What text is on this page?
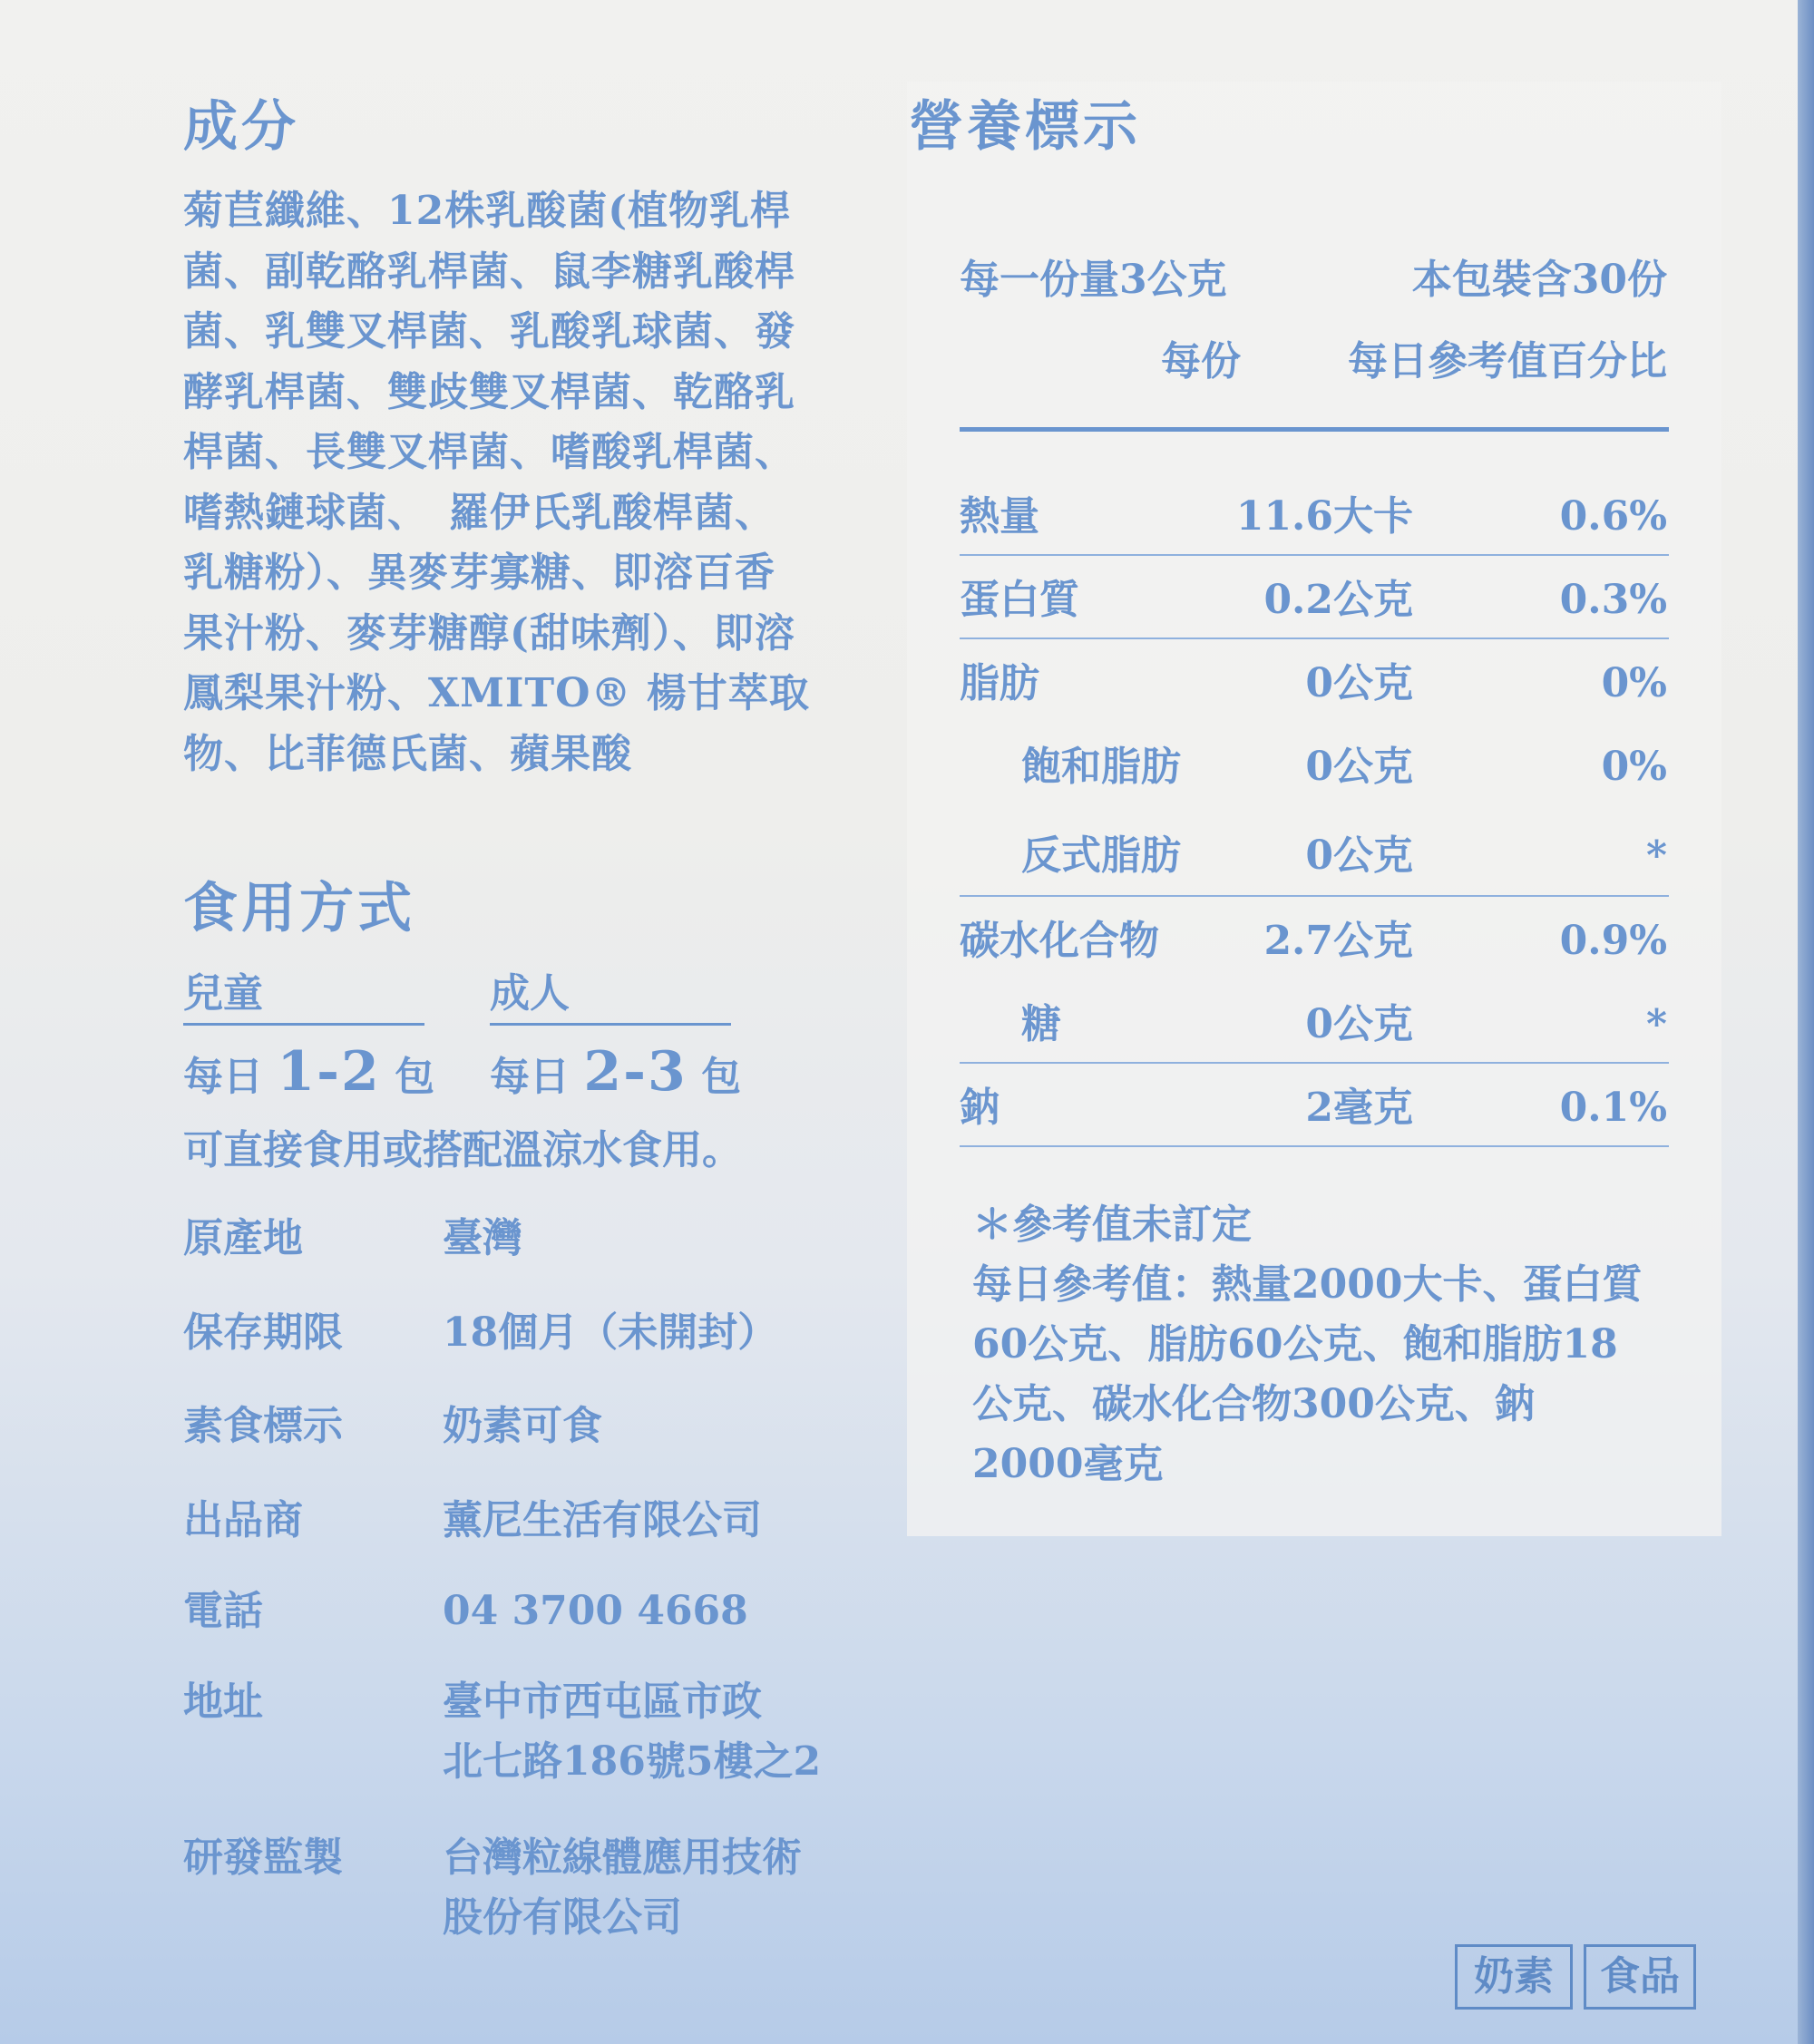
成分
菊苣纖維、12株乳酸菌(植物乳桿
菌、副乾酪乳桿菌、鼠李糖乳酸桿
菌、乳雙叉桿菌、乳酸乳球菌、發
酵乳桿菌、雙歧雙叉桿菌、乾酪乳
桿菌、長雙叉桿菌、嗜酸乳桿菌、
嗜熱鏈球菌、　羅伊氏乳酸桿菌、
乳糖粉）、異麥芽寡糖、即溶百香
果汁粉、麥芽糖醇(甜味劑）、即溶
鳳梨果汁粉、XMITO® 楊甘萃取
物、比菲德氏菌、蘋果酸
食用方式
兒童	成人
每日 1-2 包 每日 2-3 包
可直接食用或搭配溫涼水食用。
原產地	臺灣
保存期限	18個月（未開封）
素食標示	奶素可食
出品商	薰尼生活有限公司
電話	04 3700 4668
地址	臺中市西屯區市政
北七路186號5樓之2
研發監製	台灣粒線體應用技術
股份有限公司
營養標示
每一份量3公克	本包裝含30份
每份	每日參考值百分比
熱量	11.6大卡	0.6%
蛋白質	0.2公克	0.3%
脂肪	0公克	0%
飽和脂肪	0公克	0%
反式脂肪	0公克	*
碳水化合物	2.7公克	0.9%
糖	0公克	*
鈉	2毫克	0.1%
＊參考值未訂定
每日參考值：熱量2000大卡、蛋白質
60公克、脂肪60公克、飽和脂肪18
公克、碳水化合物300公克、鈉
2000毫克
奶素	食品
